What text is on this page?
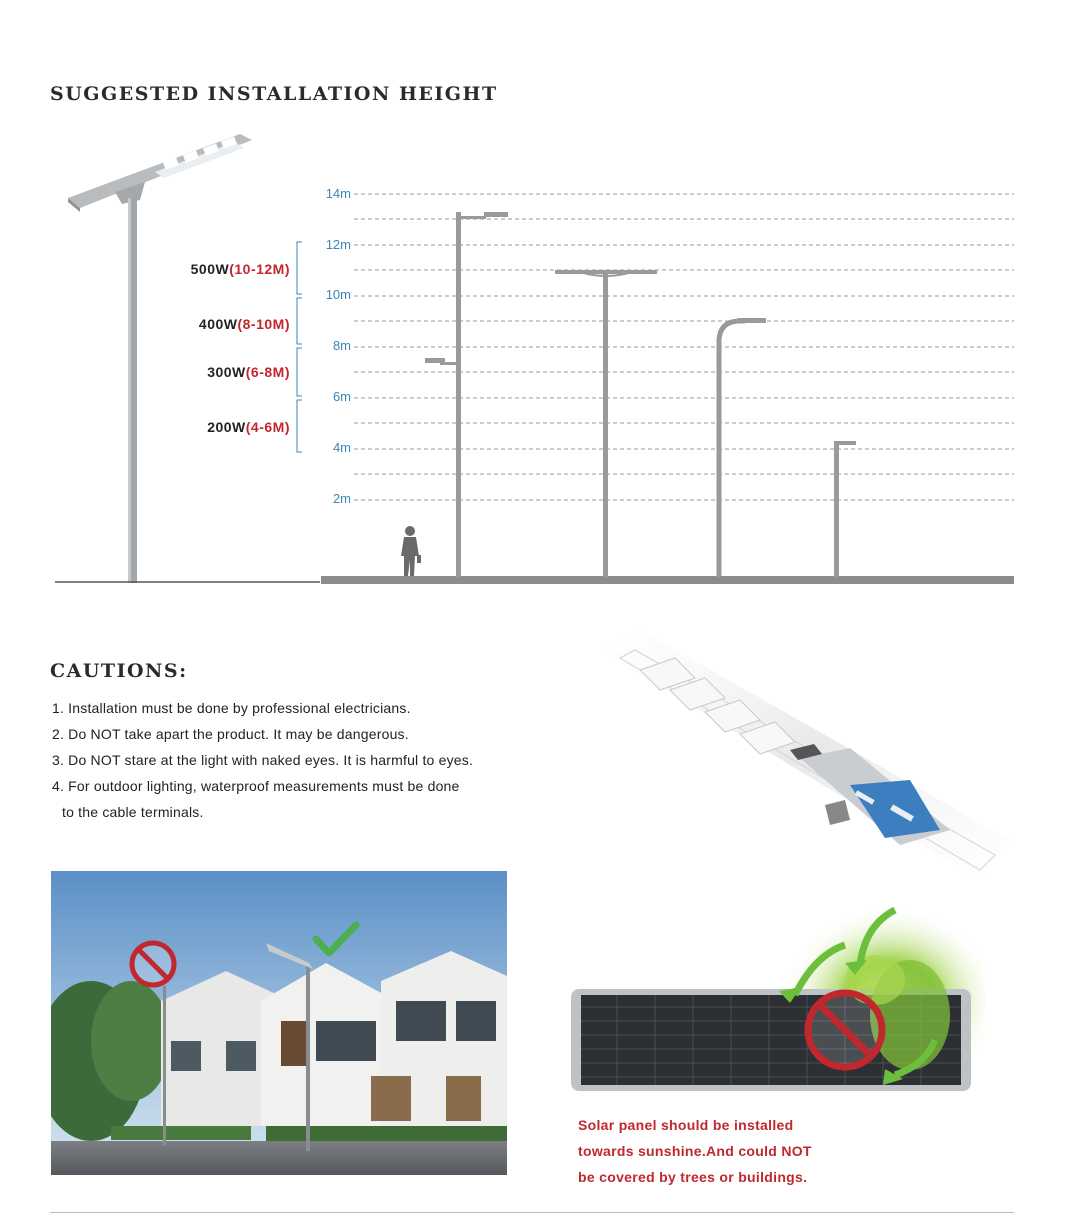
SUGGESTED INSTALLATION HEIGHT
500W(10-12M)
400W(8-10M)
300W(6-8M)
200W(4-6M)
14m
12m
10m
8m
6m
4m
2m
CAUTIONS:
1. Installation must be done by professional electricians.
2. Do NOT take apart the product. It may be dangerous.
3. Do NOT stare at the light with naked eyes. It is harmful to eyes.
4. For outdoor lighting, waterproof measurements must be done
to the cable terminals.
Solar panel should be installed
towards sunshine.And could NOT
be covered by trees or buildings.
